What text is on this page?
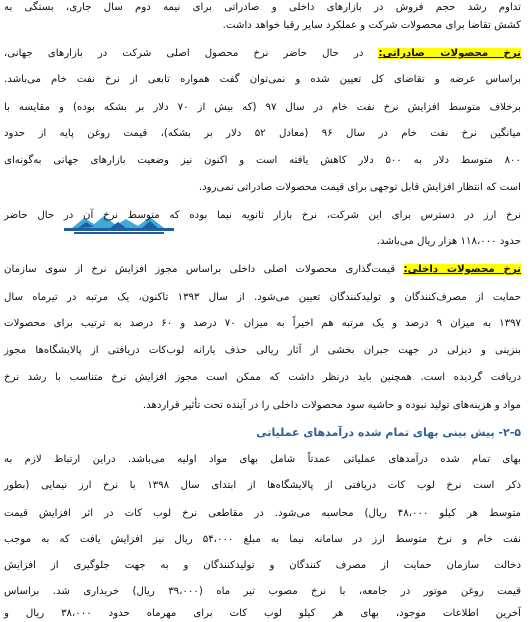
تداوم رشد حجم فروش در بازارهای داخلی و صادراتی برای نیمه دوم سال جاری، بستگی به
کشش تقاضا برای محصولات شرکت و عملکرد سایر رقبا خواهد داشت.
نرخ محصولات صادراتی: در حال حاضر نرخ محصول اصلی شرکت در بازارهای جهانی،
براساس عرضه و تقاضای کل تعیین شده و نمی‌توان گفت همواره تابعی از نرخ نفت خام می‌باشد.
برخلاف متوسط افزایش نرخ نفت خام در سال ۹۷ (که بیش از ۷۰ دلار بر بشکه بوده) و مقایسه با
میانگین نرخ نفت خام در سال ۹۶ (معادل ۵۲ دلار بر بشکه)، قیمت روغن پایه از حدود
۸۰۰ متوسط دلار به ۵۰۰ دلار کاهش یافته است و اکنون نیز وضعیت بازارهای جهانی به‌گونه‌ای
است که انتظار افزایش قابل توجهی برای قیمت محصولات صادراتی نمی‌رود.
نرخ ارز در دسترس برای این شرکت، نرخ بازار ثانویه نیما بوده که متوسط نرخ آن در حال حاضر
حدود ۱۱۸،۰۰۰ هزار ریال می‌باشد.
نرخ محصولات داخلی: قیمت‌گذاری محصولات اصلی داخلی براساس مجوز افزایش نرخ از سوی سازمان
حمایت از مصرف‌کنندگان و تولیدکنندگان تعیین می‌شود. از سال ۱۳۹۳ تاکنون، یک مرتبه در تیرماه سال
۱۳۹۷ به میزان ۹ درصد و یک مرتبه هم اخیراً به میزان ۷۰ درصد و ۶۰ درصد به ترتیب برای محصولات
بنزینی و دیزلی در جهت جبران بخشی از آثار ریالی حذف یارانه لوب‌کات دریافتی از پالایشگاه‌ها مجوز
دریافت گردیده است. همچنین باید درنظر داشت که ممکن است مجوز افزایش نرخ متناسب با رشد نرخ
مواد و هزینه‌های تولید نبوده و حاشیه سود محصولات داخلی را در آینده تحت تأثیر قراردهد.
۲-۵- پیش بینی بهای تمام شده درآمدهای عملیاتی
بهای تمام شده درآمدهای عملیاتی عمدتاً شامل بهای مواد اولیه می‌باشد. دراین ارتباط لازم به
ذکر است نرخ لوب کات دریافتی از پالایشگاه‌ها از ابتدای سال ۱۳۹۸ با نرخ ارز نیمایی (بطور
متوسط هر کیلو ۴۸،۰۰۰ ریال) محاسبه می‌شود. در مقاطعی نرخ لوب کات در اثر افزایش قیمت
نفت خام و نرخ متوسط ارز در سامانه نیما به مبلغ ۵۴،۰۰۰ ریال نیز افزایش یافت که به موجب
دخالت سازمان حمایت از مصرف کنندگان و تولیدکنندگان و به جهت جلوگیری از افزایش
قیمت روغن موتور در جامعه، با نرخ مصوب تیر ماه (۳۹،۰۰۰ ریال) خریداری شد. براساس
آخرین اطلاعات موجود، بهای هر کیلو لوب کات برای مهرماه حدود ۳۸،۰۰۰ ریال و
